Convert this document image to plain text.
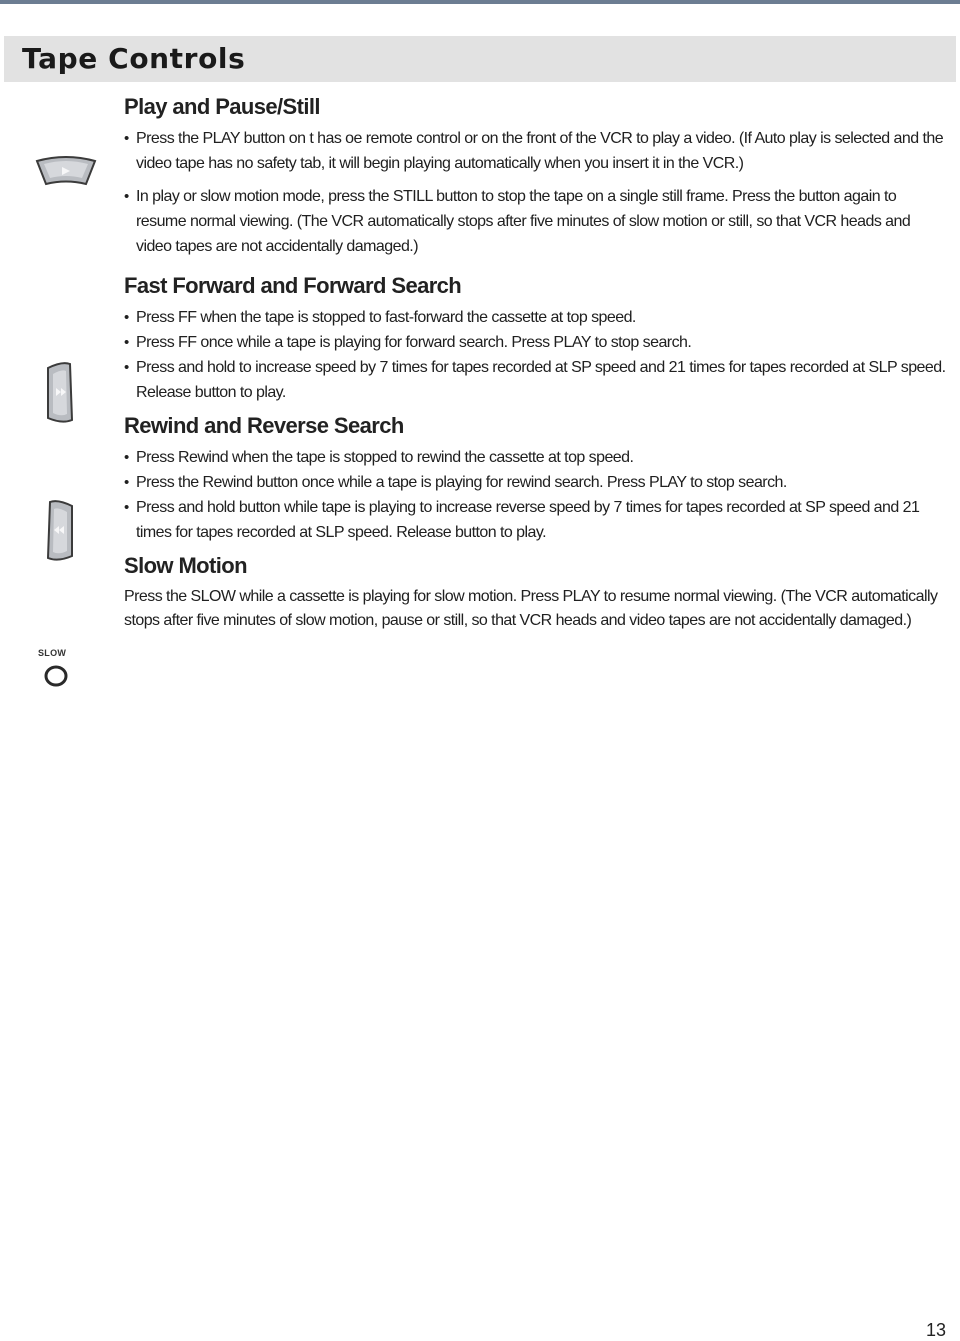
Tape Controls
SLOW
Play and Pause/Still
• Press the PLAY button on t has oe remote control or on the front of the VCR to play a video. (If Auto play is selected and the video tape has no safety tab, it will begin playing automatically when you insert it in the VCR.)
• In play or slow motion mode, press the STILL button to stop the tape on a single still frame. Press the button again to resume normal viewing. (The VCR automatically stops after five minutes of slow motion or still, so that VCR heads and video tapes are not accidentally damaged.)
Fast Forward and Forward Search
• Press FF when the tape is stopped to fast-forward the cassette at top speed.
• Press FF once while a tape is playing for forward search. Press PLAY to stop search.
• Press and hold to increase speed by 7 times for tapes recorded at SP speed and 21 times for tapes recorded at SLP speed. Release button to play.
Rewind and Reverse Search
• Press Rewind when the tape is stopped to rewind the cassette at top speed.
• Press the Rewind button once while a tape is playing for rewind search. Press PLAY to stop search.
• Press and hold button while tape is playing to increase reverse speed by 7 times for tapes recorded at SP speed and 21 times for tapes recorded at SLP speed. Release button to play.
Slow Motion

Press the SLOW while a cassette is playing for slow motion. Press PLAY to resume normal viewing. (The VCR automatically stops after five minutes of slow motion, pause or still, so that VCR heads and video tapes are not accidentally damaged.)

13
